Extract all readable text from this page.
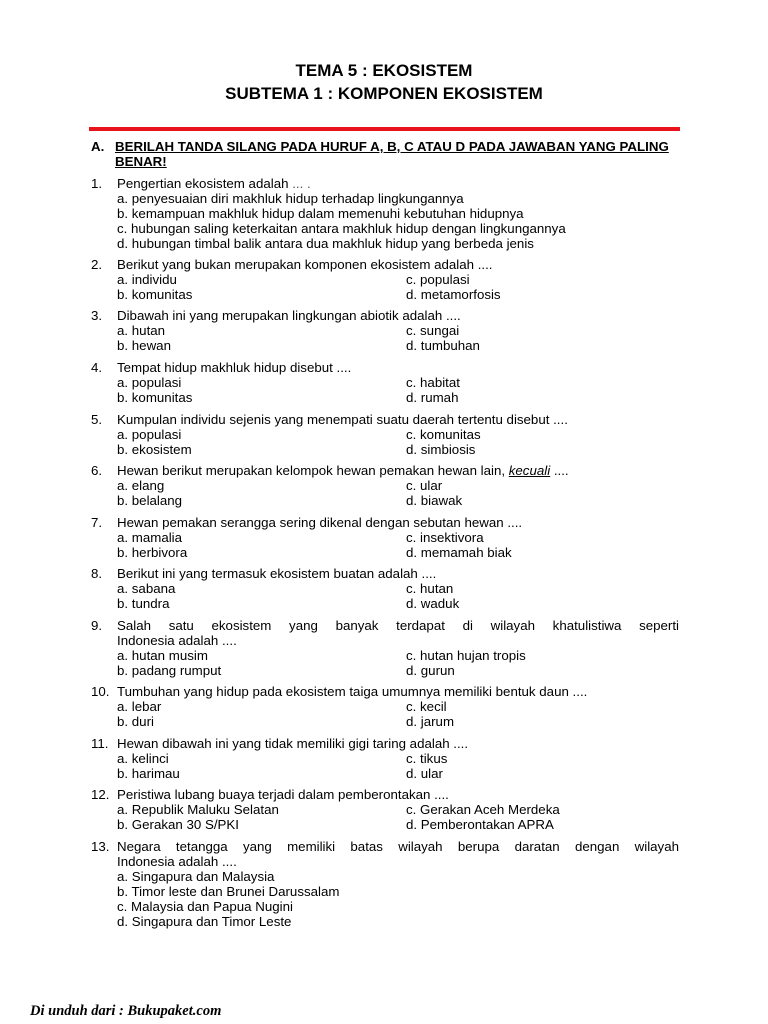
TEMA 5 : EKOSISTEM
SUBTEMA 1 : KOMPONEN EKOSISTEM
A. BERILAH TANDA SILANG PADA HURUF A, B, C ATAU D PADA JAWABAN YANG PALING BENAR!
1. Pengertian ekosistem adalah ... .
a. penyesuaian diri makhluk hidup terhadap lingkungannya
b. kemampuan makhluk hidup dalam memenuhi kebutuhan hidupnya
c. hubungan saling keterkaitan antara makhluk hidup dengan lingkungannya
d. hubungan timbal balik antara dua makhluk hidup yang berbeda jenis
2. Berikut yang bukan merupakan komponen ekosistem adalah ....
a. individu	c. populasi
b. komunitas	d. metamorfosis
3. Dibawah ini yang merupakan lingkungan abiotik adalah ....
a. hutan	c. sungai
b. hewan	d. tumbuhan
4. Tempat hidup makhluk hidup disebut ....
a. populasi	c. habitat
b. komunitas	d. rumah
5. Kumpulan individu sejenis yang menempati suatu daerah tertentu disebut ....
a. populasi	c. komunitas
b. ekosistem	d. simbiosis
6. Hewan berikut merupakan kelompok hewan pemakan hewan lain, kecuali ....
a. elang	c. ular
b. belalang	d. biawak
7. Hewan pemakan serangga sering dikenal dengan sebutan hewan ....
a. mamalia	c. insektivora
b. herbivora	d. memamah biak
8. Berikut ini yang termasuk ekosistem buatan adalah ....
a. sabana	c. hutan
b. tundra	d. waduk
9. Salah satu ekosistem yang banyak terdapat di wilayah khatulistiwa seperti
Indonesia adalah ....
a. hutan musim	c. hutan hujan tropis
b. padang rumput	d. gurun
10. Tumbuhan yang hidup pada ekosistem taiga umumnya memiliki bentuk daun ....
a. lebar	c. kecil
b. duri	d. jarum
11. Hewan dibawah ini yang tidak memiliki gigi taring adalah ....
a. kelinci	c. tikus
b. harimau	d. ular
12. Peristiwa lubang buaya terjadi dalam pemberontakan ....
a. Republik Maluku Selatan	c. Gerakan Aceh Merdeka
b. Gerakan 30 S/PKI	d. Pemberontakan APRA
13. Negara tetangga yang memiliki batas wilayah berupa daratan dengan wilayah
Indonesia adalah ....
a. Singapura dan Malaysia
b. Timor leste dan Brunei Darussalam
c. Malaysia dan Papua Nugini
d. Singapura dan Timor Leste
Di unduh dari : Bukupaket.com
